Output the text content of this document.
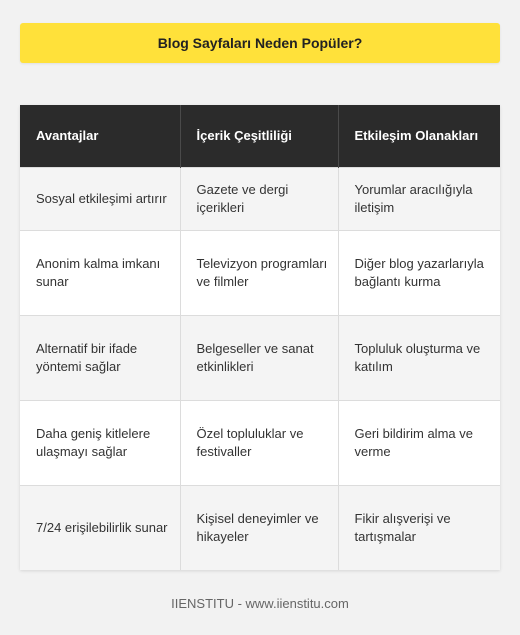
Blog Sayfaları Neden Popüler?
Avantajlar	İçerik Çeşitliliği	Etkileşim Olanakları
Sosyal etkileşimi artırır	Gazete ve dergi içerikleri	Yorumlar aracılığıyla iletişim
Anonim kalma imkanı sunar	Televizyon programları ve filmler	Diğer blog yazarlarıyla bağlantı kurma
Alternatif bir ifade yöntemi sağlar	Belgeseller ve sanat etkinlikleri	Topluluk oluşturma ve katılım
Daha geniş kitlelere ulaşmayı sağlar	Özel topluluklar ve festivaller	Geri bildirim alma ve verme
7/24 erişilebilirlik sunar	Kişisel deneyimler ve hikayeler	Fikir alışverişi ve tartışmalar
IIENSTITU - www.iienstitu.com
